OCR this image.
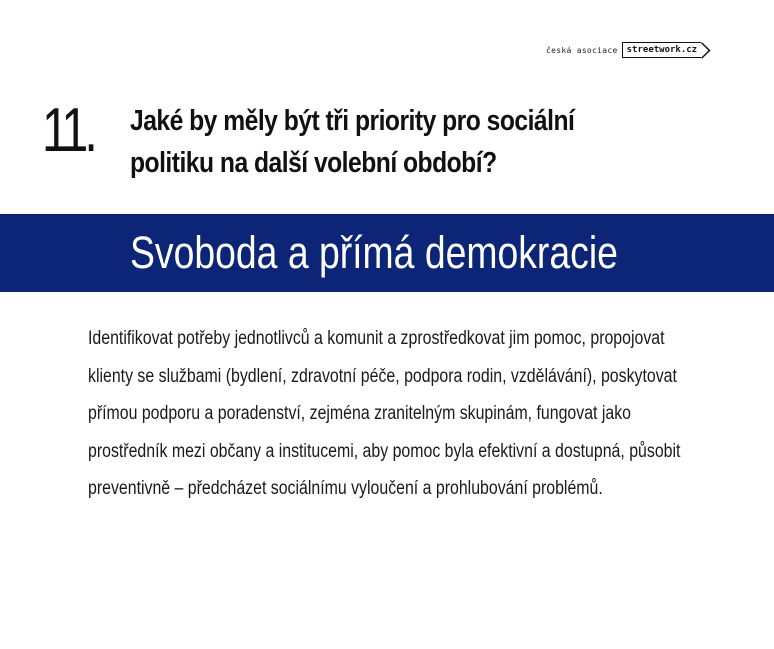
česká asociace	streetwork.cz
11. Jaké by měly být tři priority pro sociální politiku na další volební období?
Svoboda a přímá demokracie
Identifikovat potřeby jednotlivců a komunit a zprostředkovat jim pomoc, propojovat klienty se službami (bydlení, zdravotní péče, podpora rodin, vzdělávání), poskytovat přímou podporu a poradenství, zejména zranitelným skupinám, fungovat jako prostředník mezi občany a institucemi, aby pomoc byla efektivní a dostupná, působit preventivně – předcházet sociálnímu vyloučení a prohlubování problémů.
